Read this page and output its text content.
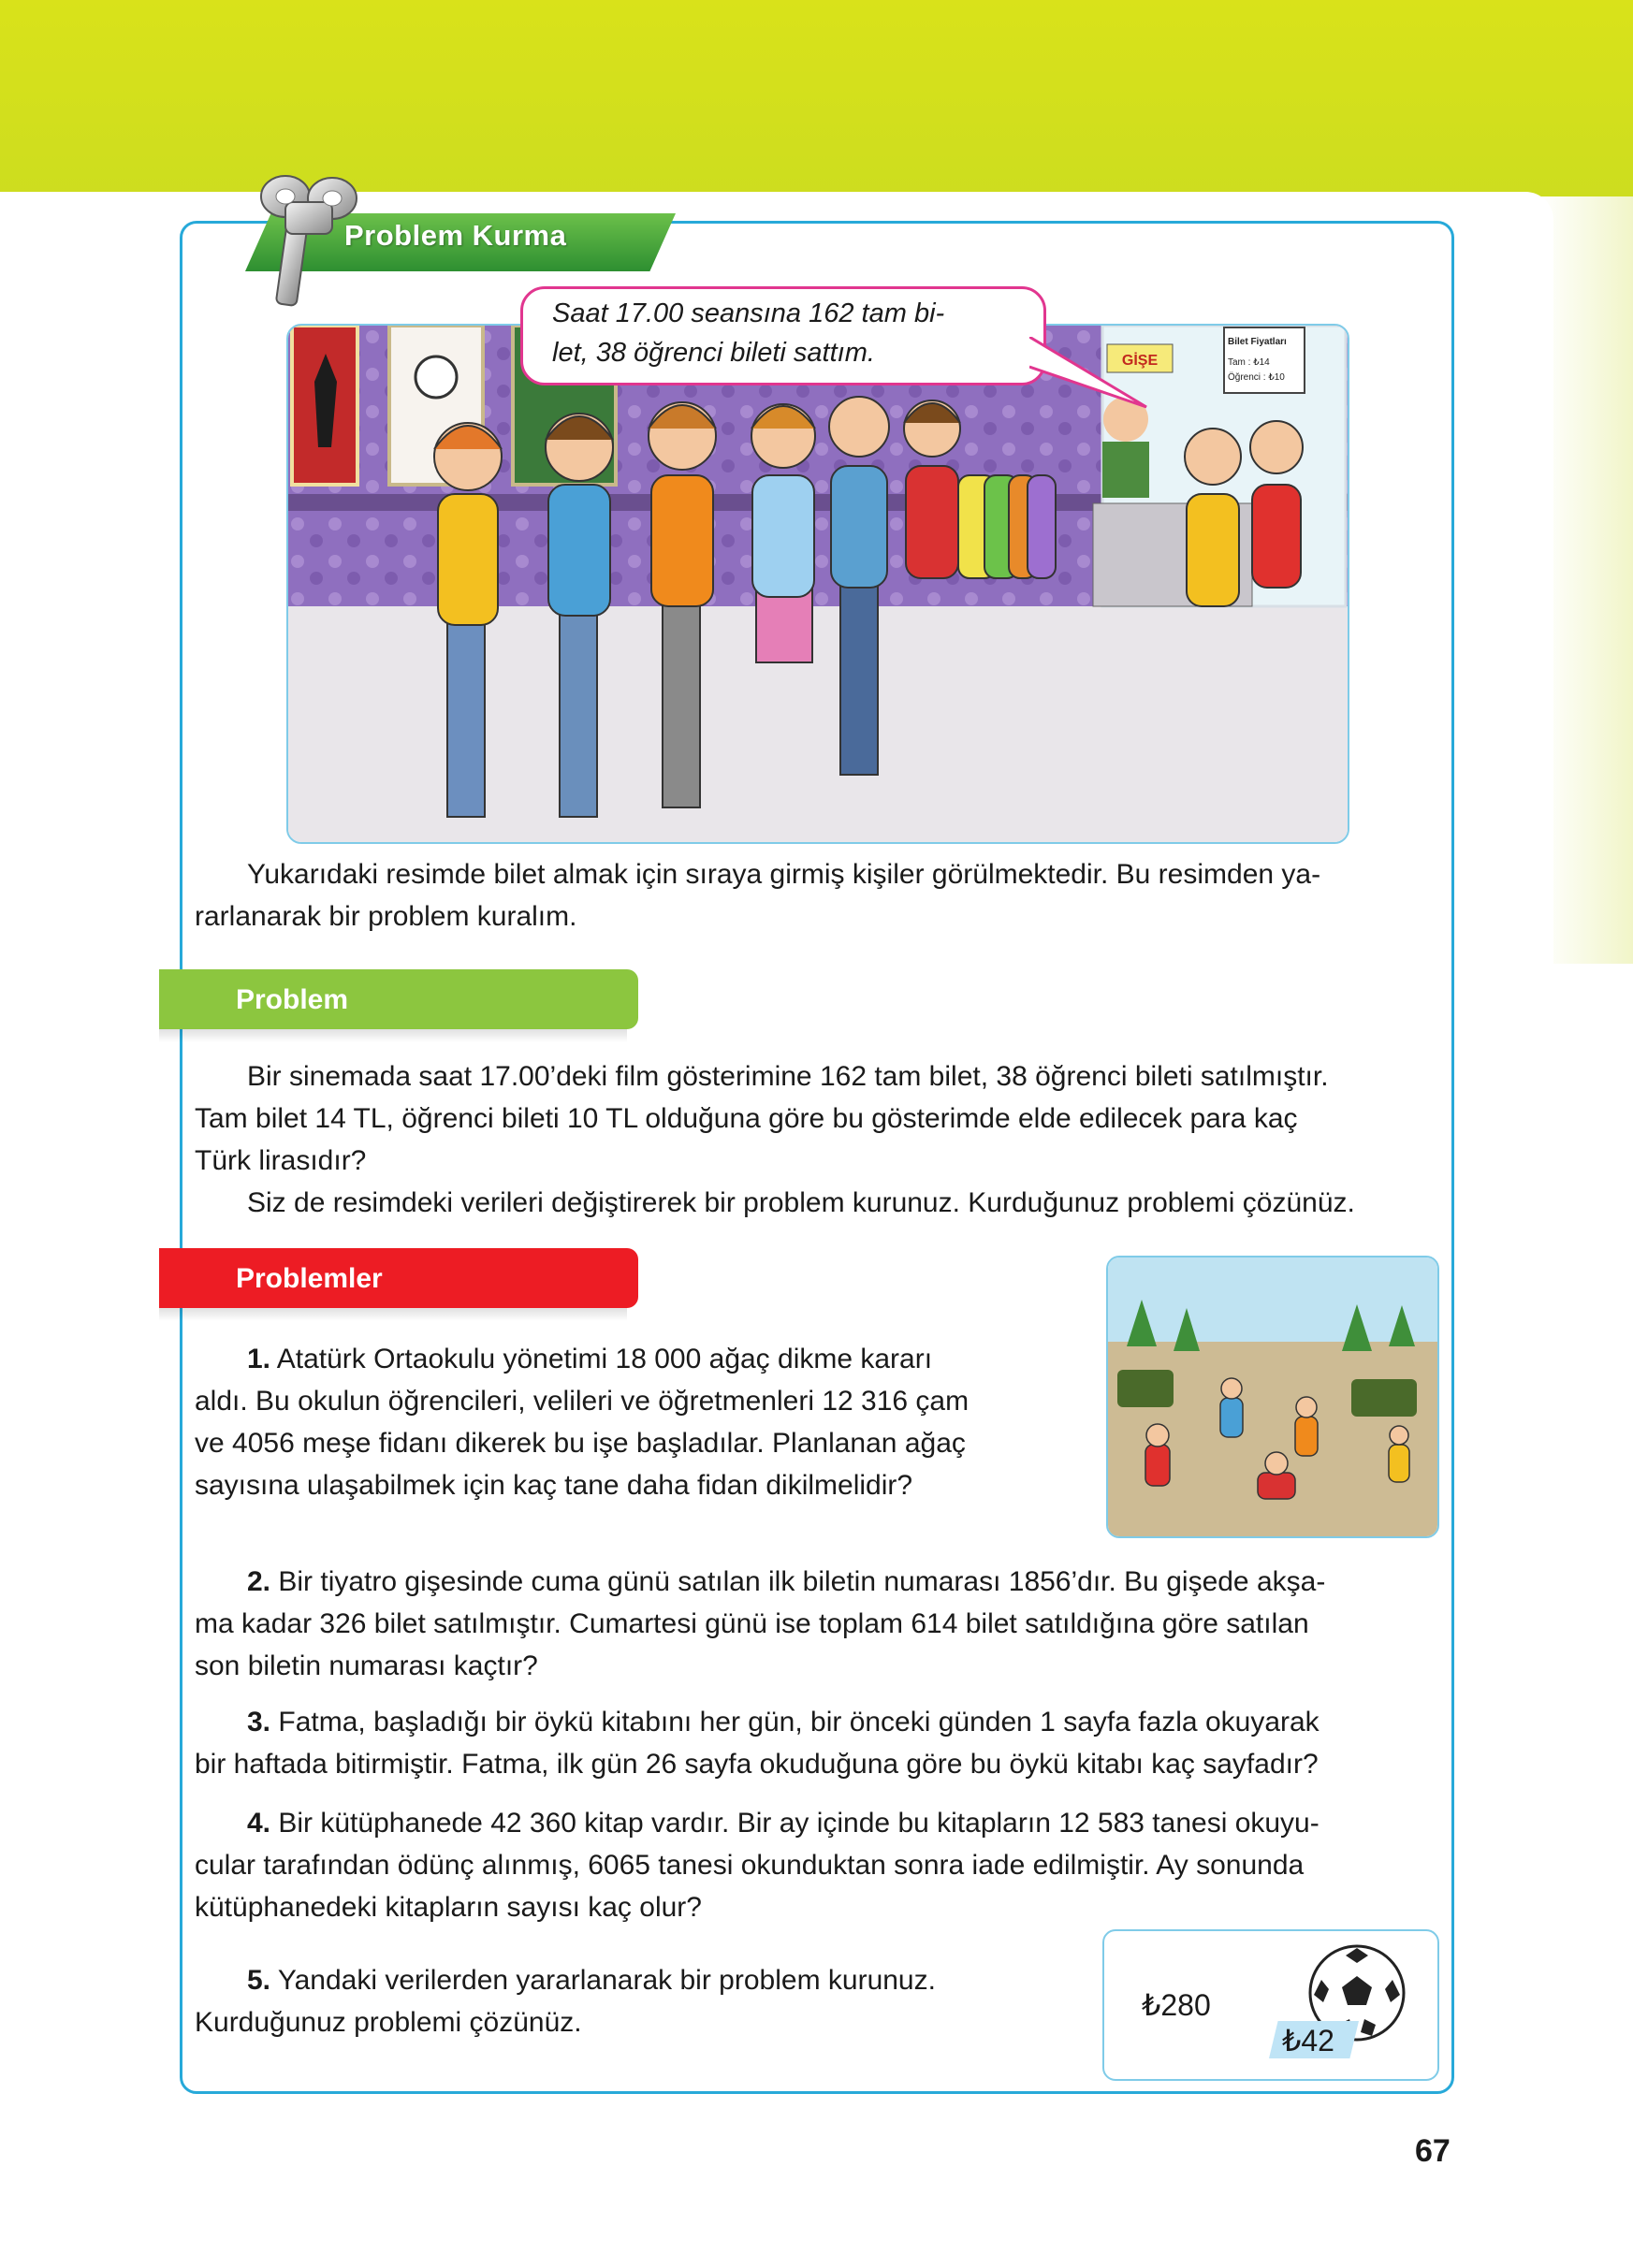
Problem Kurma
GİŞE
Bilet Fiyatları
Tam : ₺14
Öğrenci : ₺10
Saat 17.00 seansına 162 tam bi-
let, 38 öğrenci bileti sattım.
Yukarıdaki resimde bilet almak için sıraya girmiş kişiler görülmektedir. Bu resimden ya-
rarlanarak bir problem kuralım.
Problem
Bir sinemada saat 17.00’deki film gösterimine 162 tam bilet, 38 öğrenci bileti satılmıştır.
Tam bilet 14 TL, öğrenci bileti 10 TL olduğuna göre bu gösterimde elde edilecek para kaç
Türk lirasıdır?
Siz de resimdeki verileri değiştirerek bir problem kurunuz. Kurduğunuz problemi çözünüz.
Problemler
1. Atatürk Ortaokulu yönetimi 18 000 ağaç dikme kararı
aldı. Bu okulun öğrencileri, velileri ve öğretmenleri 12 316 çam
ve 4056 meşe fidanı dikerek bu işe başladılar. Planlanan ağaç
sayısına ulaşabilmek için kaç tane daha fidan dikilmelidir?
2. Bir tiyatro gişesinde cuma günü satılan ilk biletin numarası 1856’dır. Bu gişede akşa-
ma kadar 326 bilet satılmıştır. Cumartesi günü ise toplam 614 bilet satıldığına göre satılan
son biletin numarası kaçtır?
3. Fatma, başladığı bir öykü kitabını her gün, bir önceki günden 1 sayfa fazla okuyarak
bir haftada bitirmiştir. Fatma, ilk gün 26 sayfa okuduğuna göre bu öykü kitabı kaç sayfadır?
4. Bir kütüphanede 42 360 kitap vardır. Bir ay içinde bu kitapların 12 583 tanesi okuyu-
cular tarafından ödünç alınmış, 6065 tanesi okunduktan sonra iade edilmiştir. Ay sonunda
kütüphanedeki kitapların sayısı kaç olur?
5. Yandaki verilerden yararlanarak bir problem kurunuz.
Kurduğunuz problemi çözünüz.
₺280
₺42
67
